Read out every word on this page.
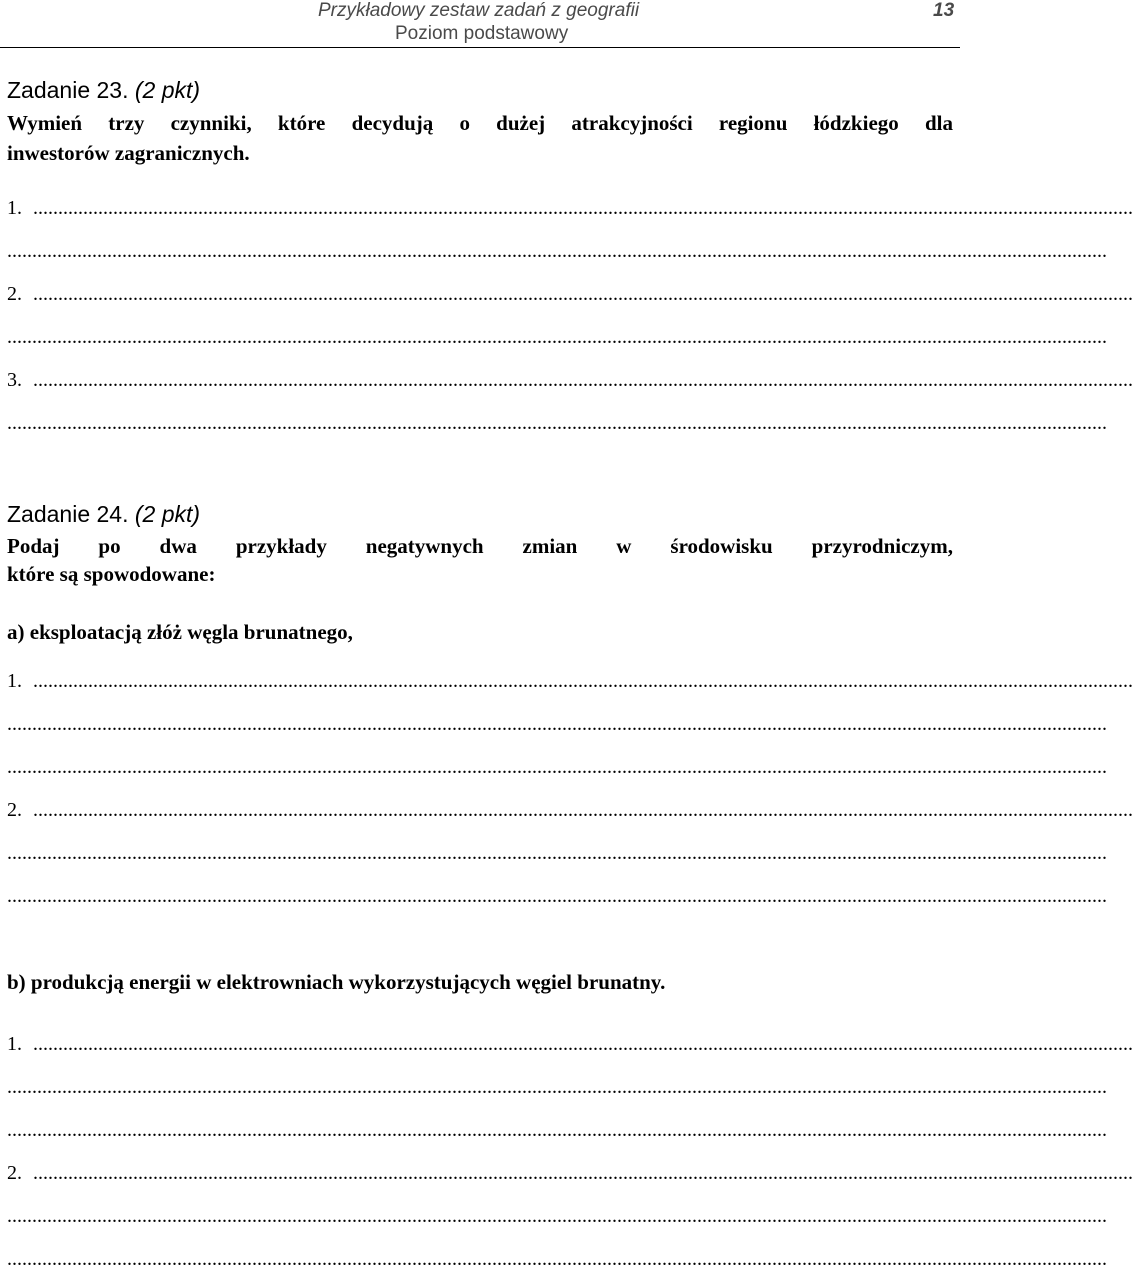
Przykładowy zestaw zadań z geografii
Poziom podstawowy
13
Zadanie 23. (2 pkt)
Wymień trzy czynniki, które decydują o dużej atrakcyjności regionu łódzkiego dla
inwestorów zagranicznych.
1. ............................................................................................................................................................................................................................
............................................................................................................................................................................................................................
2. ............................................................................................................................................................................................................................
............................................................................................................................................................................................................................
3. ............................................................................................................................................................................................................................
............................................................................................................................................................................................................................
Zadanie 24. (2 pkt)
Podaj po dwa przykłady negatywnych zmian w środowisku przyrodniczym,
które są spowodowane:
a) eksploatacją złóż węgla brunatnego,
1. ............................................................................................................................................................................................................................
............................................................................................................................................................................................................................
............................................................................................................................................................................................................................
2. ............................................................................................................................................................................................................................
............................................................................................................................................................................................................................
............................................................................................................................................................................................................................
b) produkcją energii w elektrowniach wykorzystujących węgiel brunatny.
1. ............................................................................................................................................................................................................................
............................................................................................................................................................................................................................
............................................................................................................................................................................................................................
2. ............................................................................................................................................................................................................................
............................................................................................................................................................................................................................
............................................................................................................................................................................................................................
